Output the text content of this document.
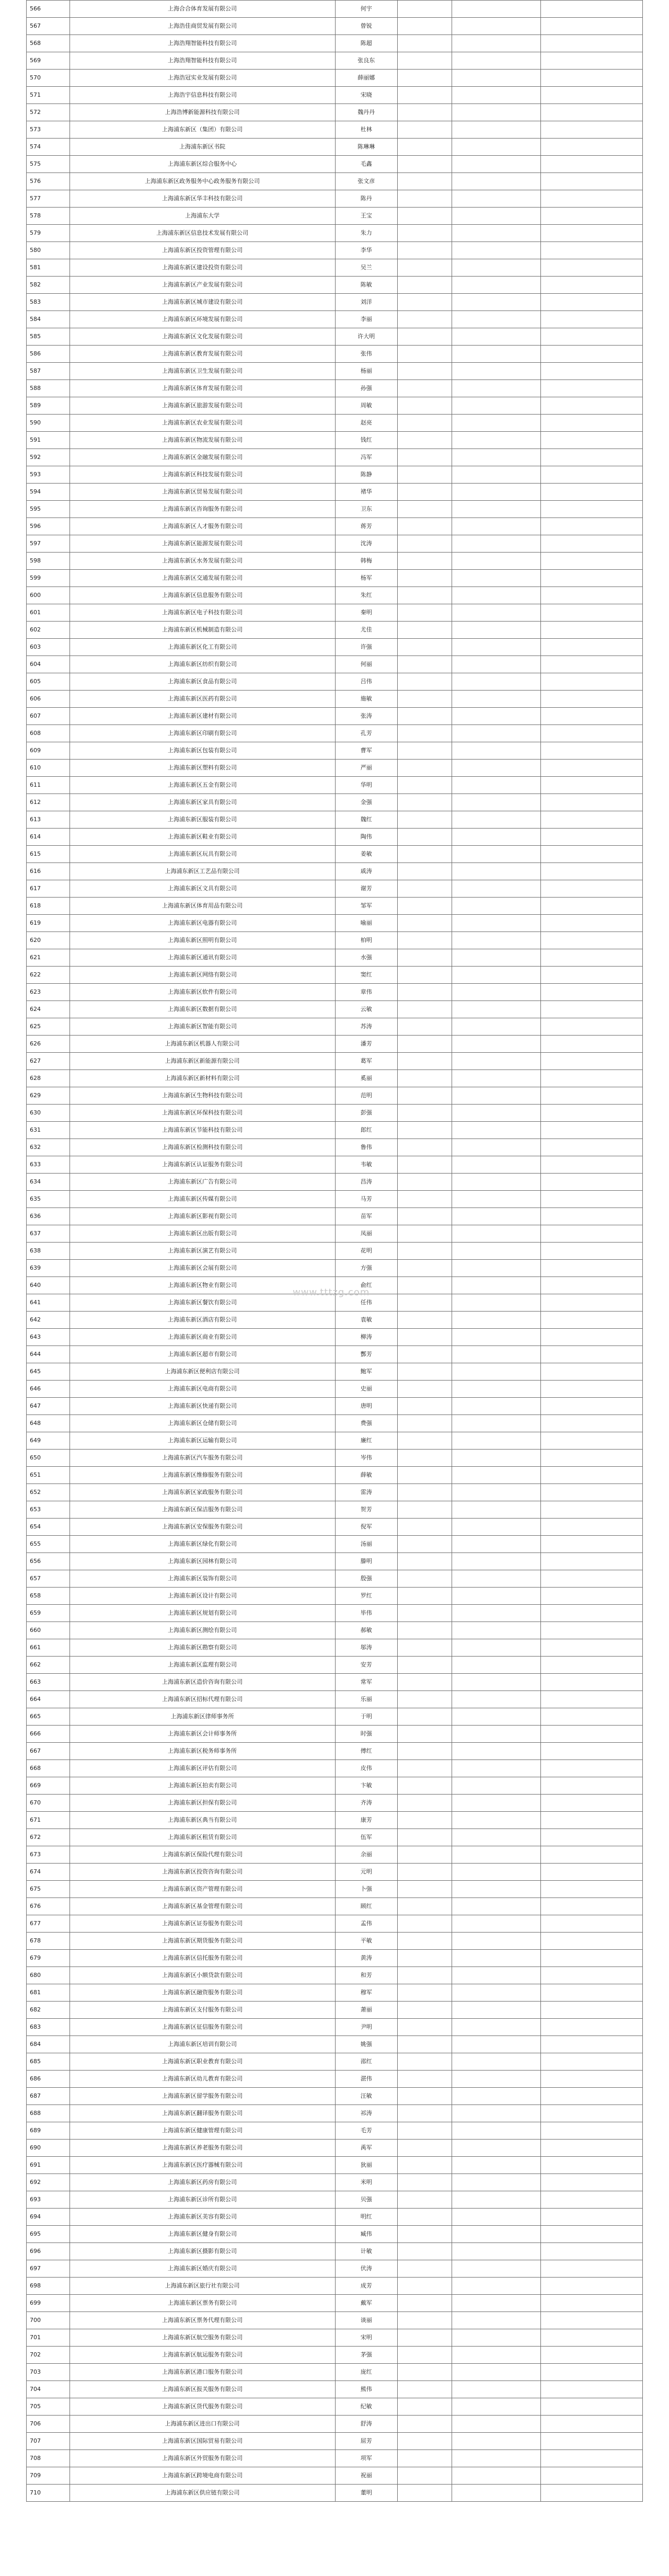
566	上海合合体育发展有限公司	何宇			
567	上海浩佳商贸发展有限公司	曾锐			
568	上海浩翔智能科技有限公司	陈超			
569	上海浩翔智能科技有限公司	张良东			
570	上海浩冠实业发展有限公司	薛丽娜			
571	上海浩宇信息科技有限公司	宋晓			
572	上海浩博新能源科技有限公司	魏丹丹			
573	上海浦东新区（集团）有限公司	杜林			
574	上海浦东新区书院	陈琳琳			
575	上海浦东新区综合服务中心	毛鑫			
576	上海浦东新区政务服务中心政务服务有限公司	张文彦			
577	上海浦东新区华丰科技有限公司	陈丹			
578	上海浦东大学	王宝			
579	上海浦东新区信息技术发展有限公司	朱力			
580	上海浦东新区投资管理有限公司	李华			
581	上海浦东新区建设投资有限公司	吴兰			
582	上海浦东新区产业发展有限公司	陈敏			
583	上海浦东新区城市建设有限公司	刘洋			
584	上海浦东新区环境发展有限公司	李丽			
585	上海浦东新区文化发展有限公司	许大明			
586	上海浦东新区教育发展有限公司	张伟			
587	上海浦东新区卫生发展有限公司	杨丽			
588	上海浦东新区体育发展有限公司	孙强			
589	上海浦东新区旅游发展有限公司	周敏			
590	上海浦东新区农业发展有限公司	赵亮			
591	上海浦东新区物流发展有限公司	钱红			
592	上海浦东新区金融发展有限公司	冯军			
593	上海浦东新区科技发展有限公司	陈静			
594	上海浦东新区贸易发展有限公司	褚华			
595	上海浦东新区咨询服务有限公司	卫东			
596	上海浦东新区人才服务有限公司	蒋芳			
597	上海浦东新区能源发展有限公司	沈涛			
598	上海浦东新区水务发展有限公司	韩梅			
599	上海浦东新区交通发展有限公司	杨军			
600	上海浦东新区信息服务有限公司	朱红			
601	上海浦东新区电子科技有限公司	秦明			
602	上海浦东新区机械制造有限公司	尤佳			
603	上海浦东新区化工有限公司	许强			
604	上海浦东新区纺织有限公司	何丽			
605	上海浦东新区食品有限公司	吕伟			
606	上海浦东新区医药有限公司	施敏			
607	上海浦东新区建材有限公司	张涛			
608	上海浦东新区印刷有限公司	孔芳			
609	上海浦东新区包装有限公司	曹军			
610	上海浦东新区塑料有限公司	严丽			
611	上海浦东新区五金有限公司	华明			
612	上海浦东新区家具有限公司	金强			
613	上海浦东新区服装有限公司	魏红			
614	上海浦东新区鞋业有限公司	陶伟			
615	上海浦东新区玩具有限公司	姜敏			
616	上海浦东新区工艺品有限公司	戚涛			
617	上海浦东新区文具有限公司	谢芳			
618	上海浦东新区体育用品有限公司	邹军			
619	上海浦东新区电器有限公司	喻丽			
620	上海浦东新区照明有限公司	柏明			
621	上海浦东新区通讯有限公司	水强			
622	上海浦东新区网络有限公司	窦红			
623	上海浦东新区软件有限公司	章伟			
624	上海浦东新区数据有限公司	云敏			
625	上海浦东新区智能有限公司	苏涛			
626	上海浦东新区机器人有限公司	潘芳			
627	上海浦东新区新能源有限公司	葛军			
628	上海浦东新区新材料有限公司	奚丽			
629	上海浦东新区生物科技有限公司	范明			
630	上海浦东新区环保科技有限公司	彭强			
631	上海浦东新区节能科技有限公司	郎红			
632	上海浦东新区检测科技有限公司	鲁伟			
633	上海浦东新区认证服务有限公司	韦敏			
634	上海浦东新区广告有限公司	昌涛			
635	上海浦东新区传媒有限公司	马芳			
636	上海浦东新区影视有限公司	苗军			
637	上海浦东新区出版有限公司	凤丽			
638	上海浦东新区演艺有限公司	花明			
639	上海浦东新区会展有限公司	方强			
640	上海浦东新区物业有限公司	俞红			
641	上海浦东新区餐饮有限公司	任伟			
642	上海浦东新区酒店有限公司	袁敏			
643	上海浦东新区商业有限公司	柳涛			
644	上海浦东新区超市有限公司	酆芳			
645	上海浦东新区便利店有限公司	鲍军			
646	上海浦东新区电商有限公司	史丽			
647	上海浦东新区快递有限公司	唐明			
648	上海浦东新区仓储有限公司	费强			
649	上海浦东新区运输有限公司	廉红			
650	上海浦东新区汽车服务有限公司	岑伟			
651	上海浦东新区维修服务有限公司	薛敏			
652	上海浦东新区家政服务有限公司	雷涛			
653	上海浦东新区保洁服务有限公司	贺芳			
654	上海浦东新区安保服务有限公司	倪军			
655	上海浦东新区绿化有限公司	汤丽			
656	上海浦东新区园林有限公司	滕明			
657	上海浦东新区装饰有限公司	殷强			
658	上海浦东新区设计有限公司	罗红			
659	上海浦东新区规划有限公司	毕伟			
660	上海浦东新区测绘有限公司	郝敏			
661	上海浦东新区勘察有限公司	邬涛			
662	上海浦东新区监理有限公司	安芳			
663	上海浦东新区造价咨询有限公司	常军			
664	上海浦东新区招标代理有限公司	乐丽			
665	上海浦东新区律师事务所	于明			
666	上海浦东新区会计师事务所	时强			
667	上海浦东新区税务师事务所	傅红			
668	上海浦东新区评估有限公司	皮伟			
669	上海浦东新区拍卖有限公司	卞敏			
670	上海浦东新区担保有限公司	齐涛			
671	上海浦东新区典当有限公司	康芳			
672	上海浦东新区租赁有限公司	伍军			
673	上海浦东新区保险代理有限公司	余丽			
674	上海浦东新区投资咨询有限公司	元明			
675	上海浦东新区资产管理有限公司	卜强			
676	上海浦东新区基金管理有限公司	顾红			
677	上海浦东新区证券服务有限公司	孟伟			
678	上海浦东新区期货服务有限公司	平敏			
679	上海浦东新区信托服务有限公司	黄涛			
680	上海浦东新区小额贷款有限公司	和芳			
681	上海浦东新区融资服务有限公司	穆军			
682	上海浦东新区支付服务有限公司	萧丽			
683	上海浦东新区征信服务有限公司	尹明			
684	上海浦东新区培训有限公司	姚强			
685	上海浦东新区职业教育有限公司	邵红			
686	上海浦东新区幼儿教育有限公司	湛伟			
687	上海浦东新区留学服务有限公司	汪敏			
688	上海浦东新区翻译服务有限公司	祁涛			
689	上海浦东新区健康管理有限公司	毛芳			
690	上海浦东新区养老服务有限公司	禹军			
691	上海浦东新区医疗器械有限公司	狄丽			
692	上海浦东新区药房有限公司	米明			
693	上海浦东新区诊所有限公司	贝强			
694	上海浦东新区美容有限公司	明红			
695	上海浦东新区健身有限公司	臧伟			
696	上海浦东新区摄影有限公司	计敏			
697	上海浦东新区婚庆有限公司	伏涛			
698	上海浦东新区旅行社有限公司	成芳			
699	上海浦东新区票务有限公司	戴军			
700	上海浦东新区票务代理有限公司	谈丽			
701	上海浦东新区航空服务有限公司	宋明			
702	上海浦东新区航运服务有限公司	茅强			
703	上海浦东新区港口服务有限公司	庞红			
704	上海浦东新区报关服务有限公司	熊伟			
705	上海浦东新区货代服务有限公司	纪敏			
706	上海浦东新区进出口有限公司	舒涛			
707	上海浦东新区国际贸易有限公司	屈芳			
708	上海浦东新区外贸服务有限公司	项军			
709	上海浦东新区跨境电商有限公司	祝丽			
710	上海浦东新区供应链有限公司	董明			
www.tttzg.com
